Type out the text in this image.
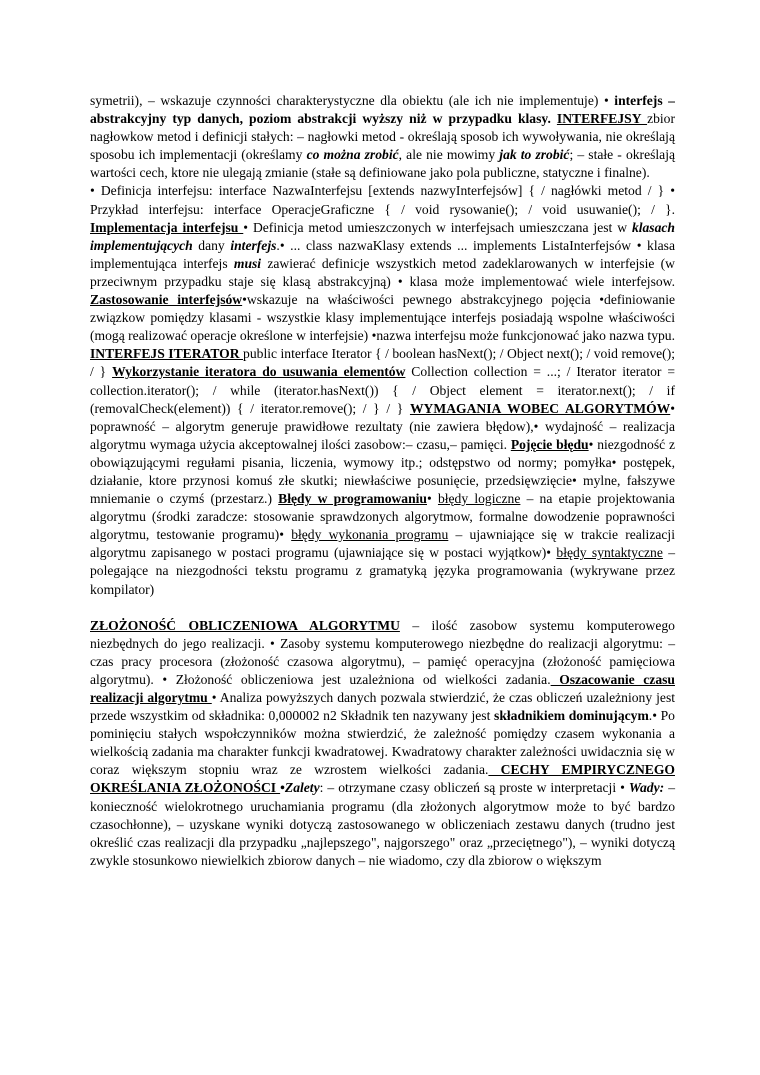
symetrii), – wskazuje czynności charakterystyczne dla obiektu (ale ich nie implementuje) • interfejs – abstrakcyjny typ danych, poziom abstrakcji wyższy niż w przypadku klasy. INTERFEJSY zbior nagłowkow metod i definicji stałych: – nagłowki metod - określają sposob ich wywoływania, nie określają sposobu ich implementacji (określamy co można zrobić, ale nie mowimy jak to zrobić; – stałe - określają wartości cech, ktore nie ulegają zmianie (stałe są definiowane jako pola publiczne, statyczne i finalne).

• Definicja interfejsu: interface NazwaInterfejsu [extends nazwyInterfejsów] { / nagłówki metod / } • Przykład interfejsu: interface OperacjeGraficzne { / void rysowanie(); / void usuwanie(); / }. Implementacja interfejsu • Definicja metod umieszczonych w interfejsach umieszczana jest w klasach implementujących dany interfejs.• ... class nazwaKlasy extends ... implements ListaInterfejsów • klasa implementująca interfejs musi zawierać definicje wszystkich metod zadeklarowanych w interfejsie (w przeciwnym przypadku staje się klasą abstrakcyjną) • klasa może implementować wiele interfejsow. Zastosowanie interfejsów•wskazuje na właściwości pewnego abstrakcyjnego pojęcia •definiowanie związkow pomiędzy klasami - wszystkie klasy implementujące interfejs posiadają wspolne właściwości (mogą realizować operacje określone w interfejsie) •nazwa interfejsu może funkcjonować jako nazwa typu. INTERFEJS ITERATOR public interface Iterator { / boolean hasNext(); / Object next(); / void remove(); / } Wykorzystanie iteratora do usuwania elementów Collection collection = ...; / Iterator iterator = collection.iterator(); / while (iterator.hasNext()) { / Object element = iterator.next(); / if (removalCheck(element)) { / iterator.remove(); / } / } WYMAGANIA WOBEC ALGORYTMÓW• poprawność – algorytm generuje prawidłowe rezultaty (nie zawiera błędow),• wydajność – realizacja algorytmu wymaga użycia akceptowalnej ilości zasobow:– czasu,– pamięci. Pojęcie błędu• niezgodność z obowiązującymi regułami pisania, liczenia, wymowy itp.; odstępstwo od normy; pomyłka• postępek, działanie, ktore przynosi komuś złe skutki; niewłaściwe posunięcie, przedsięwzięcie• mylne, fałszywe mniemanie o czymś (przestarz.) Błędy w programowaniu• błędy logiczne – na etapie projektowania algorytmu (środki zaradcze: stosowanie sprawdzonych algorytmow, formalne dowodzenie poprawności algorytmu, testowanie programu)• błędy wykonania programu – ujawniające się w trakcie realizacji algorytmu zapisanego w postaci programu (ujawniające się w postaci wyjątkow)• błędy syntaktyczne – polegające na niezgodności tekstu programu z gramatyką języka programowania (wykrywane przez kompilator)

ZŁOŻONOŚĆ OBLICZENIOWA ALGORYTMU – ilość zasobow systemu komputerowego niezbędnych do jego realizacji. • Zasoby systemu komputerowego niezbędne do realizacji algorytmu: – czas pracy procesora (złożoność czasowa algorytmu), – pamięć operacyjna (złożoność pamięciowa algorytmu). • Złożoność obliczeniowa jest uzależniona od wielkości zadania. Oszacowanie czasu realizacji algorytmu • Analiza powyższych danych pozwala stwierdzić, że czas obliczeń uzależniony jest przede wszystkim od składnika: 0,000002 n2 Składnik ten nazywany jest składnikiem dominującym.• Po pominięciu stałych wspołczynników można stwierdzić, że zależność pomiędzy czasem wykonania a wielkością zadania ma charakter funkcji kwadratowej. Kwadratowy charakter zależności uwidacznia się w coraz większym stopniu wraz ze wzrostem wielkości zadania. CECHY EMPIRYCZNEGO OKREŚLANIA ZŁOŻONOŚCI •Zalety: – otrzymane czasy obliczeń są proste w interpretacji • Wady: – konieczność wielokrotnego uruchamiania programu (dla złożonych algorytmow może to być bardzo czasochłonne), – uzyskane wyniki dotyczą zastosowanego w obliczeniach zestawu danych (trudno jest określić czas realizacji dla przypadku „najlepszego", najgorszego" oraz „przeciętnego"), – wyniki dotyczą zwykle stosunkowo niewielkich zbiorow danych – nie wiadomo, czy dla zbiorow o większym
